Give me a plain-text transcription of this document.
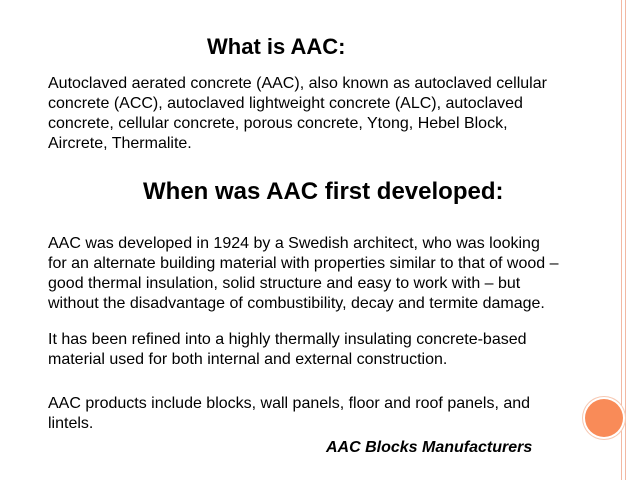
What is AAC:

Autoclaved aerated concrete (AAC), also known as autoclaved cellular
concrete (ACC), autoclaved lightweight concrete (ALC), autoclaved
concrete, cellular concrete, porous concrete, Ytong, Hebel Block,
Aircrete, Thermalite.

When was AAC first developed:

AAC was developed in 1924 by a Swedish architect, who was looking
for an alternate building material with properties similar to that of wood –
good thermal insulation, solid structure and easy to work with – but
without the disadvantage of combustibility, decay and termite damage.

It has been refined into a highly thermally insulating concrete-based
material used for both internal and external construction.

AAC products include blocks, wall panels, floor and roof panels, and
lintels.

AAC Blocks Manufacturers
